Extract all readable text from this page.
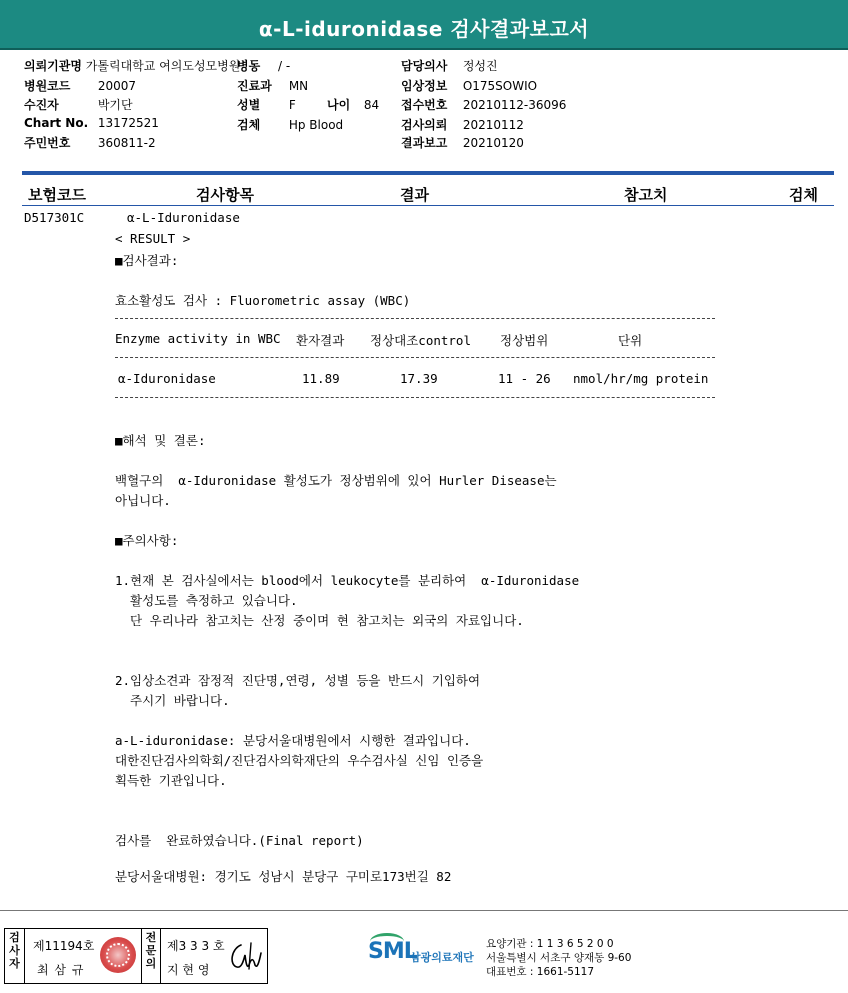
α-L-iduronidase 검사결과보고서
의뢰기관명 가톨릭대학교 여의도성모병원
병원코드 20007
수진자	박기단
Chart No. 13172521
주민번호 360811-2
병동 / -
진료과 MN
성별 F	나이 84
검체 Hp Blood
담당의사 정성진
임상정보 O175SOWIO
접수번호 20210112-36096
검사의뢰 20210112
결과보고 20210120
보험코드	검사항목	결과	참고치	검체
D517301C	α-L-Iduronidase
< RESULT >
■검사결과:
효소활성도 검사 : Fluorometric assay (WBC)
Enzyme activity in WBC 환자결과 정상대조control 정상범위	단위
α-Iduronidase	11.89	17.39	11 - 26 nmol/hr/mg protein
■해석 및 결론:
백혈구의  α-Iduronidase 활성도가 정상범위에 있어 Hurler Disease는
아닙니다.
■주의사항:
1.현재 본 검사실에서는 blood에서 leukocyte를 분리하여  α-Iduronidase
활성도를 측정하고 있습니다.
단 우리나라 참고치는 산정 중이며 현 참고치는 외국의 자료입니다.
2.임상소견과 잠정적 진단명,연령, 성별 등을 반드시 기입하여
주시기 바랍니다.
a-L-iduronidase: 분당서울대병원에서 시행한 결과입니다.
대한진단검사의학회/진단검사의학재단의 우수검사실 신임 인증을
획득한 기관입니다.
검사를  완료하였습니다.(Final report)
분당서울대병원: 경기도 성남시 분당구 구미로173번길 82
검사자
제11194호
최 삼 규
전문의
제3 3 3 호
지 현 영
SML
삼광의료재단
요양기관 : 1 1 3 6 5 2 0 0
서울특별시 서초구 양재동 9-60
대표번호 : 1661-5117
